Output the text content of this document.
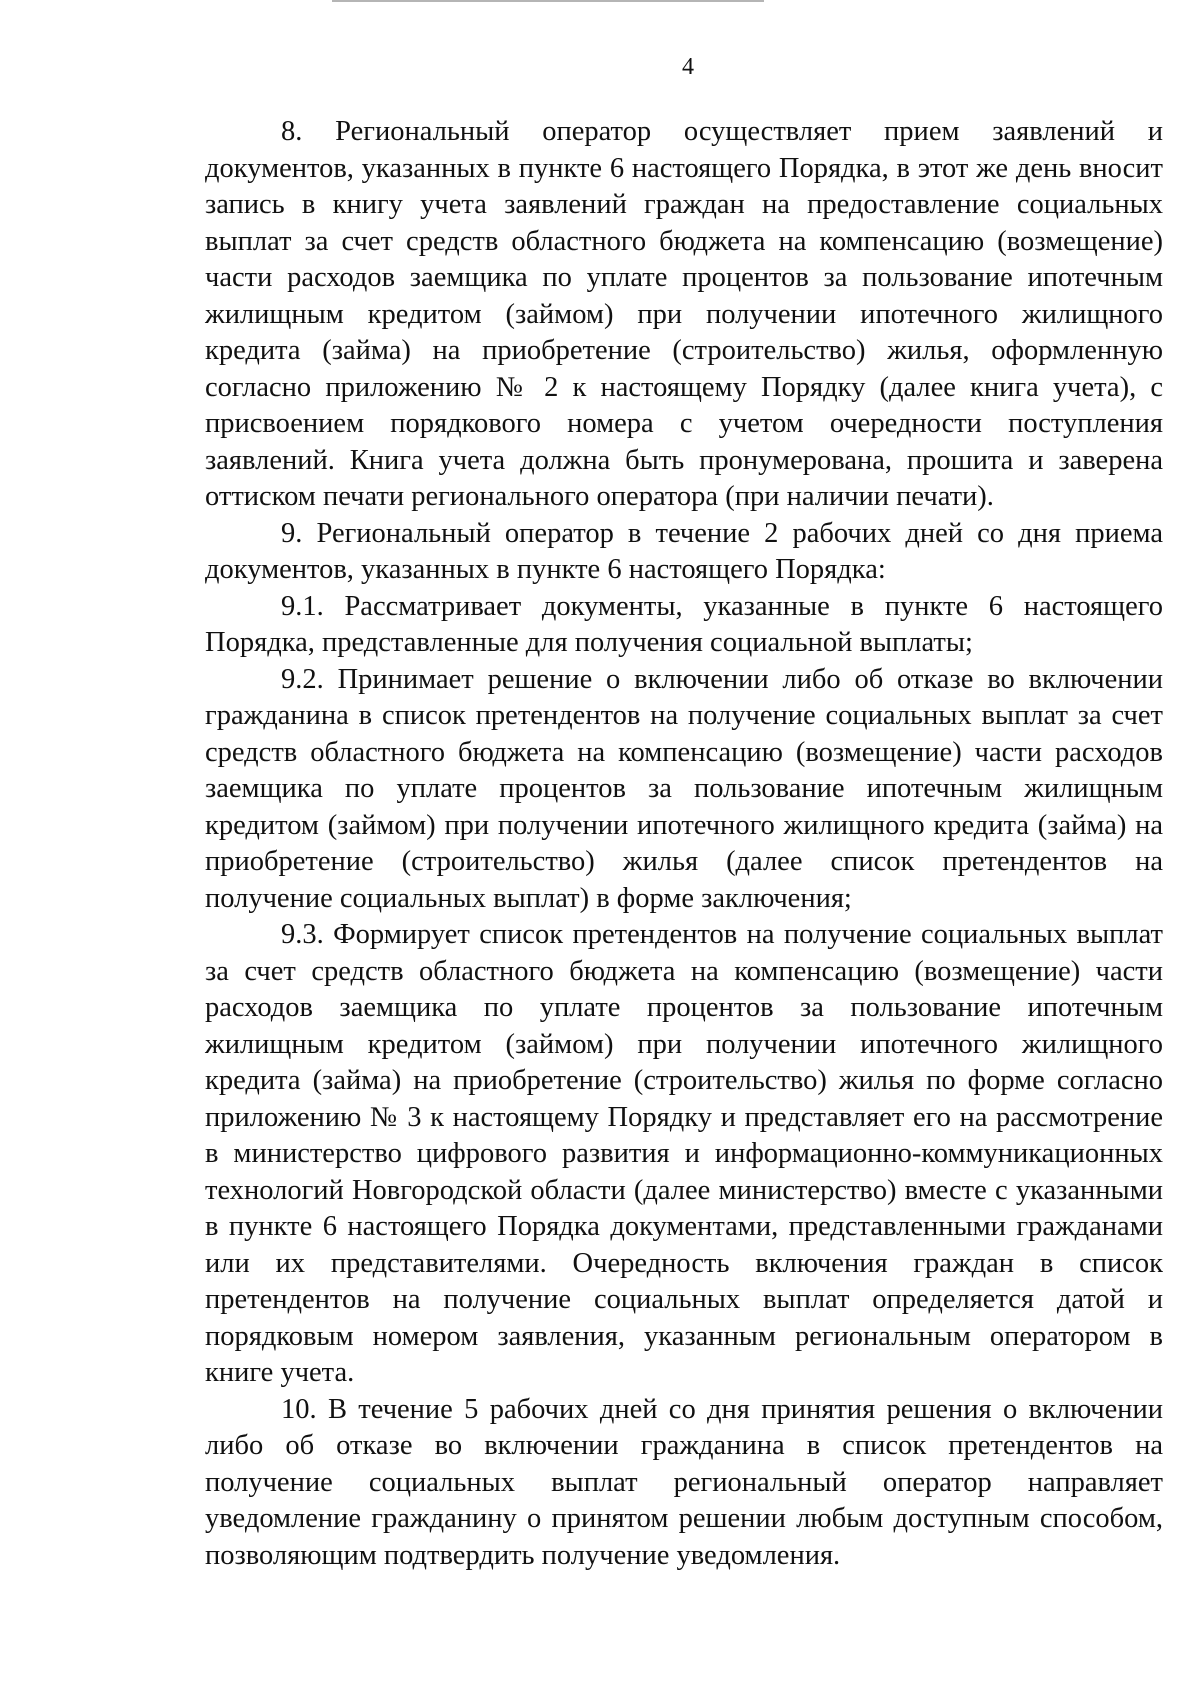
4

8. Региональный оператор осуществляет прием заявлений и документов, указанных в пункте 6 настоящего Порядка, в этот же день вносит запись в книгу учета заявлений граждан на предоставление социальных выплат за счет средств областного бюджета на компенсацию (возмещение) части расходов заемщика по уплате процентов за пользование ипотечным жилищным кредитом (займом) при получении ипотечного жилищного кредита (займа) на приобретение (строительство) жилья, оформленную согласно приложению № 2 к настоящему Порядку (далее книга учета), с присвоением порядкового номера с учетом очередности поступления заявлений. Книга учета должна быть пронумерована, прошита и заверена оттиском печати регионального оператора (при наличии печати).

9. Региональный оператор в течение 2 рабочих дней со дня приема документов, указанных в пункте 6 настоящего Порядка:

9.1. Рассматривает документы, указанные в пункте 6 настоящего Порядка, представленные для получения социальной выплаты;

9.2. Принимает решение о включении либо об отказе во включении гражданина в список претендентов на получение социальных выплат за счет средств областного бюджета на компенсацию (возмещение) части расходов заемщика по уплате процентов за пользование ипотечным жилищным кредитом (займом) при получении ипотечного жилищного кредита (займа) на приобретение (строительство) жилья (далее список претендентов на получение социальных выплат) в форме заключения;

9.3. Формирует список претендентов на получение социальных выплат за счет средств областного бюджета на компенсацию (возмещение) части расходов заемщика по уплате процентов за пользование ипотечным жилищным кредитом (займом) при получении ипотечного жилищного кредита (займа) на приобретение (строительство) жилья по форме согласно приложению № 3 к настоящему Порядку и представляет его на рассмотрение в министерство цифрового развития и информационно-коммуникационных технологий Новгородской области (далее министерство) вместе с указанными в пункте 6 настоящего Порядка документами, представленными гражданами или их представителями. Очередность включения граждан в список претендентов на получение социальных выплат определяется датой и порядковым номером заявления, указанным региональным оператором в книге учета.

10. В течение 5 рабочих дней со дня принятия решения о включении либо об отказе во включении гражданина в список претендентов на получение социальных выплат региональный оператор направляет уведомление гражданину о принятом решении любым доступным способом, позволяющим подтвердить получение уведомления.
